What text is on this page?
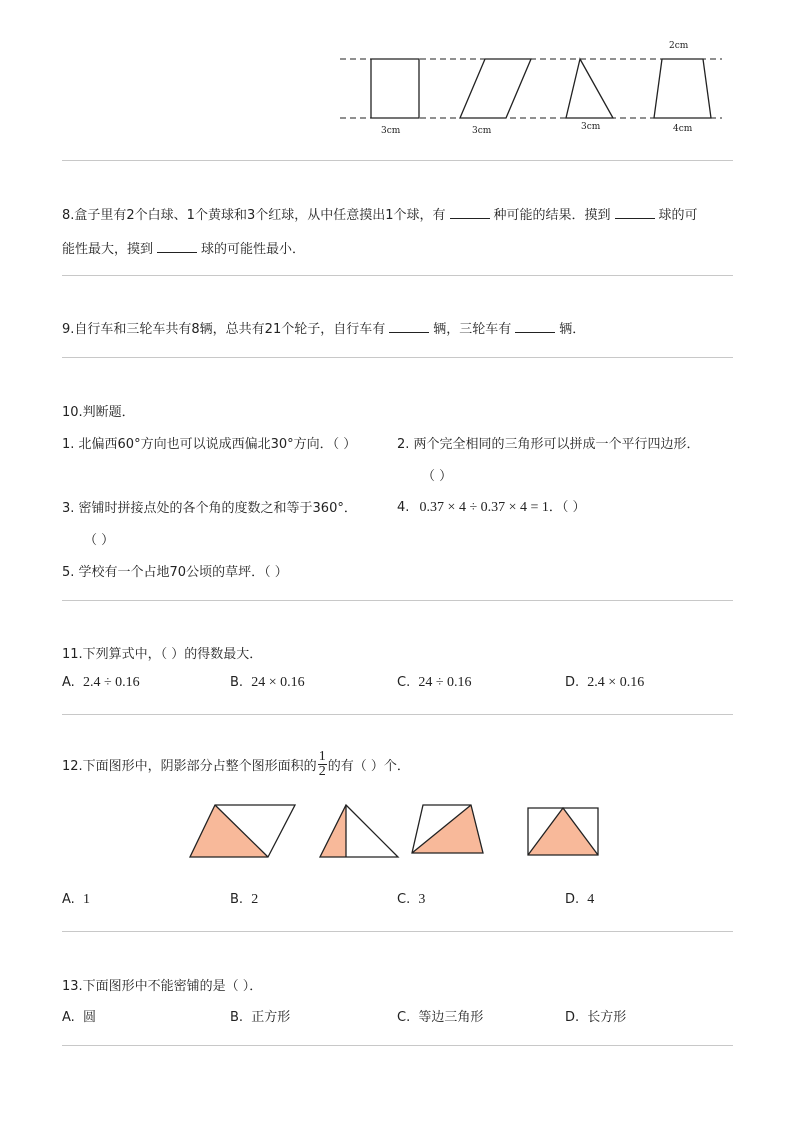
2cm
3cm	3cm	3cm	4cm
8.盒子里有2个白球、1个黄球和3个红球，从中任意摸出1个球，有	种可能的结果．摸到	球的可
能性最大，摸到	球的可能性最小．
9.自行车和三轮车共有8辆，总共有21个轮子，自行车有	辆，三轮车有	辆．
10.判断题．
1. 北偏西60°方向也可以说成西偏北30°方向．（ ）	2. 两个完全相同的三角形可以拼成一个平行四边形．
（ ）
3. 密铺时拼接点处的各个角的度数之和等于360°．	4. 0.37 × 4 ÷ 0.37 × 4 = 1．（ ）
（ ）
5. 学校有一个占地70公顷的草坪．（ ）
11.下列算式中，（ ）的得数最大．
A. 2.4 ÷ 0.16	B. 24 × 0.16	C. 24 ÷ 0.16	D. 2.4 × 0.16
12.下面图形中，阴影部分占整个图形面积的 $\frac{1}{2}$ 的有（ ）个．
A. 1	B. 2	C. 3	D. 4
13.下面图形中不能密铺的是（ ）．
A. 圆	B. 正方形	C. 等边三角形	D. 长方形
